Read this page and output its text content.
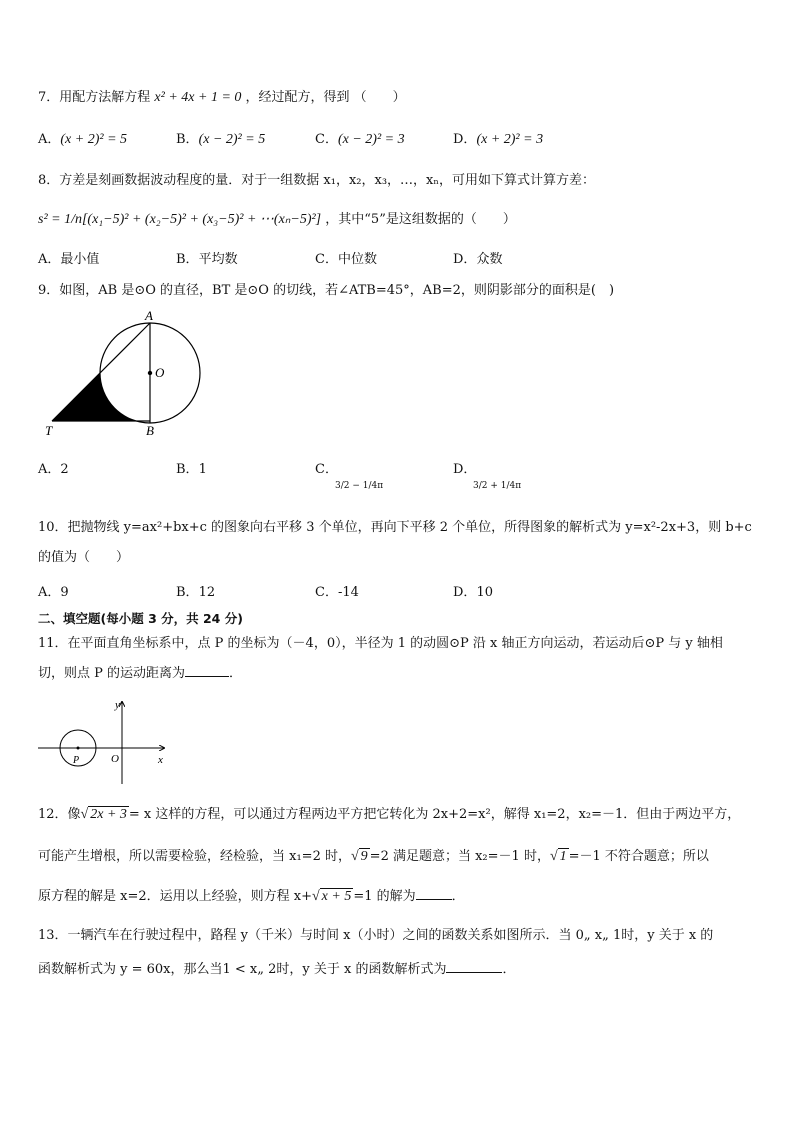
7．用配方法解方程 x² + 4x + 1 = 0 ，经过配方，得到 （　　）
A．(x + 2)² = 5	B．(x − 2)² = 5	C．(x − 2)² = 3	D．(x + 2)² = 3
8．方差是刻画数据波动程度的量．对于一组数据 x₁，x₂，x₃，…，xₙ，可用如下算式计算方差：
s² = 1/n[(x₁−5)² + (x₂−5)² + (x₃−5)² + ⋯(xₙ−5)²] ，其中“5”是这组数据的（　　）
A．最小值	B．平均数	C．中位数	D．众数
9．如图，AB 是⊙O 的直径，BT 是⊙O 的切线，若∠ATB=45°，AB=2，则阴影部分的面积是(　)
A
O
B
T
A．2	B．1	C．
3/2 − 1/4π
D．
3/2 + 1/4π
10．把抛物线 y=ax²+bx+c 的图象向右平移 3 个单位，再向下平移 2 个单位，所得图象的解析式为 y=x²-2x+3，则 b+c
的值为（　　）
A．9	B．12	C．-14	D．10
二、填空题(每小题 3 分，共 24 分)
11．在平面直角坐标系中，点 P 的坐标为（－4，0），半径为 1 的动圆⊙P 沿 x 轴正方向运动，若运动后⊙P 与 y 轴相
切，则点 P 的运动距离为	．
y
x
O
P
12．像√ 2x + 3 = x 这样的方程，可以通过方程两边平方把它转化为 2x+2=x²，解得 x₁=2，x₂=－1．但由于两边平方，
可能产生增根，所以需要检验，经检验，当 x₁=2 时，√ 9 =2 满足题意；当 x₂=－1 时，√ 1 =－1 不符合题意；所以
原方程的解是 x=2．运用以上经验，则方程 x+√ x + 5 =1 的解为	．
13．一辆汽车在行驶过程中，路程 y（千米）与时间 x（小时）之间的函数关系如图所示．当 0„ x„ 1时，y 关于 x 的
函数解析式为 y = 60x，那么当1 < x„ 2时，y 关于 x 的函数解析式为	．
